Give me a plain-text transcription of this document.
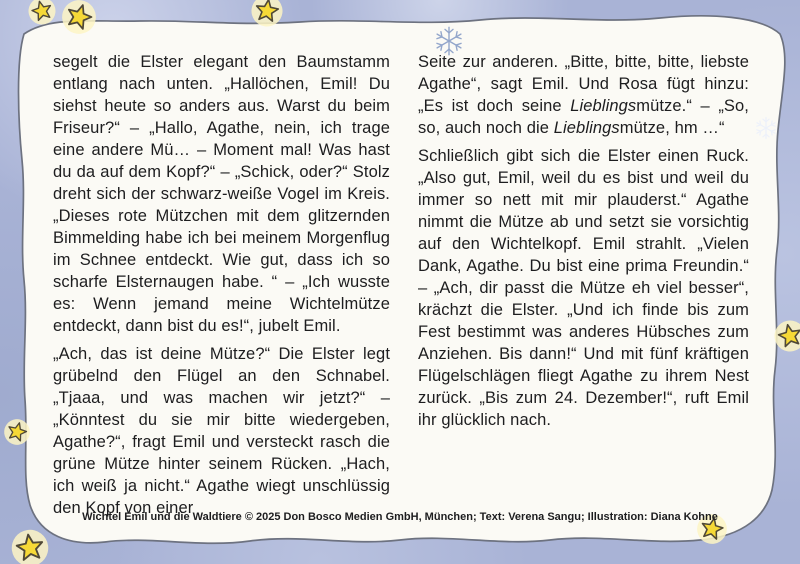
segelt die Elster elegant den Baumstamm entlang nach unten. „Hallöchen, Emil! Du siehst heute so anders aus. Warst du beim Friseur?“ – „Hallo, Agathe, nein, ich trage eine andere Mü… – Moment mal! Was hast du da auf dem Kopf?“ – „Schick, oder?“ Stolz dreht sich der schwarz-weiße Vogel im Kreis. „Dieses rote Mützchen mit dem glitzernden Bimmelding habe ich bei meinem Morgenflug im Schnee entdeckt. Wie gut, dass ich so scharfe Elsternaugen habe. “ – „Ich wusste es: Wenn jemand meine Wichtelmütze entdeckt, dann bist du es!“, jubelt Emil.

„Ach, das ist deine Mütze?“ Die Elster legt grübelnd den Flügel an den Schnabel. „Tjaaa, und was machen wir jetzt?“ – „Könntest du sie mir bitte wiedergeben, Agathe?“, fragt Emil und versteckt rasch die grüne Mütze hinter seinem Rücken. „Hach, ich weiß ja nicht.“ Agathe wiegt unschlüssig den Kopf von einer

Seite zur anderen. „Bitte, bitte, bitte, liebste Agathe“, sagt Emil. Und Rosa fügt hinzu: „Es ist doch seine Lieblingsmütze.“ – „So, so, auch noch die Lieblingsmütze, hm …“

Schließlich gibt sich die Elster einen Ruck. „Also gut, Emil, weil du es bist und weil du immer so nett mit mir plauderst.“ Agathe nimmt die Mütze ab und setzt sie vorsichtig auf den Wichtelkopf. Emil strahlt. „Vielen Dank, Agathe. Du bist eine prima Freundin.“ – „Ach, dir passt die Mütze eh viel besser“, krächzt die Elster. „Und ich finde bis zum Fest bestimmt was anderes Hübsches zum Anziehen. Bis dann!“ Und mit fünf kräftigen Flügelschlägen fliegt Agathe zu ihrem Nest zurück. „Bis zum 24. Dezember!“, ruft Emil ihr glücklich nach.

Wichtel Emil und die Waldtiere © 2025 Don Bosco Medien GmbH, München; Text: Verena Sangu; Illustration: Diana Kohne
